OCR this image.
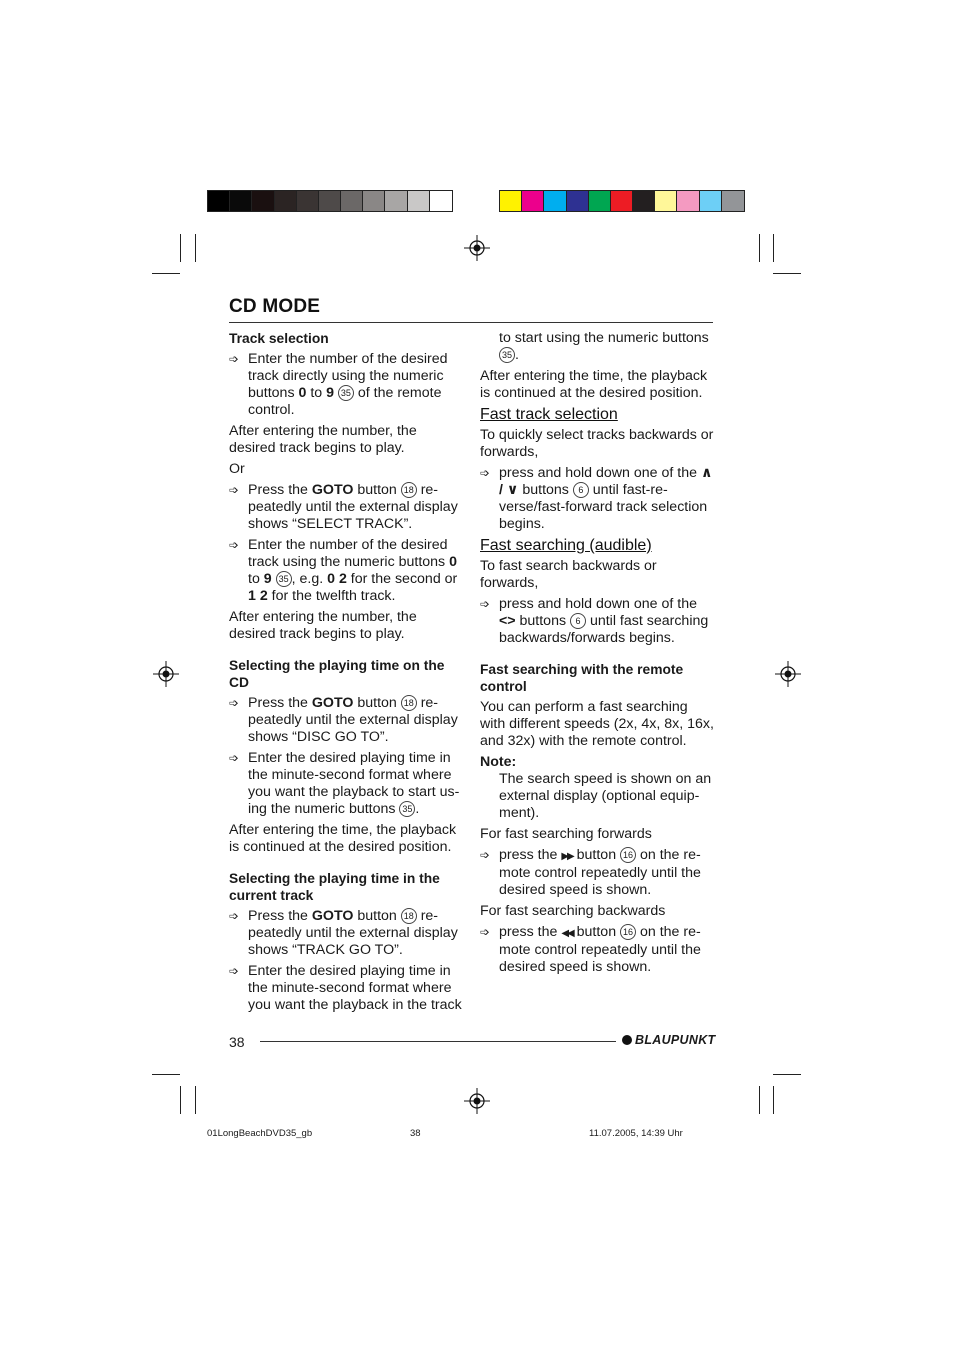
CD MODE

Track selection

➩ Enter the number of the desired track directly using the numeric buttons 0 to 9 35 of the remote control.

After entering the number, the desired track begins to play.

Or

➩ Press the GOTO button 18 re-peatedly until the external display shows “SELECT TRACK”.

➩ Enter the number of the desired track using the numeric buttons 0 to 9 35 , e.g. 0 2 for the second or 1 2 for the twelfth track.

After entering the number, the desired track begins to play.

Selecting the playing time on the CD

➩ Press the GOTO button 18 re-peatedly until the external display shows “DISC GO TO”.

➩ Enter the desired playing time in the minute-second format where you want the playback to start us-ing the numeric buttons 35 .

After entering the time, the playback is continued at the desired position.

Selecting the playing time in the current track

➩ Press the GOTO button 18 re-peatedly until the external display shows “TRACK GO TO”.

➩ Enter the desired playing time in the minute-second format where you want the playback in the track

to start using the numeric buttons 35 .

After entering the time, the playback is continued at the desired position.

Fast track selection

To quickly select tracks backwards or forwards,

➩ press and hold down one of the ∧ / ∨ buttons 6 until fast-re-verse/fast-forward track selection begins.

Fast searching (audible)

To fast search backwards or forwards,

➩ press and hold down one of the <> buttons 6 until fast searching backwards/forwards begins.

Fast searching with the remote control

You can perform a fast searching with different speeds (2x, 4x, 8x, 16x, and 32x) with the remote control.

Note:

The search speed is shown on an external display (optional equip-ment).

For fast searching forwards

➩ press the ▶▶ button 16 on the re-mote control repeatedly until the desired speed is shown.

For fast searching backwards

➩ press the ◀◀ button 16 on the re-mote control repeatedly until the desired speed is shown.

38	BLAUPUNKT
01LongBeachDVD35_gb	38	11.07.2005, 14:39 Uhr
